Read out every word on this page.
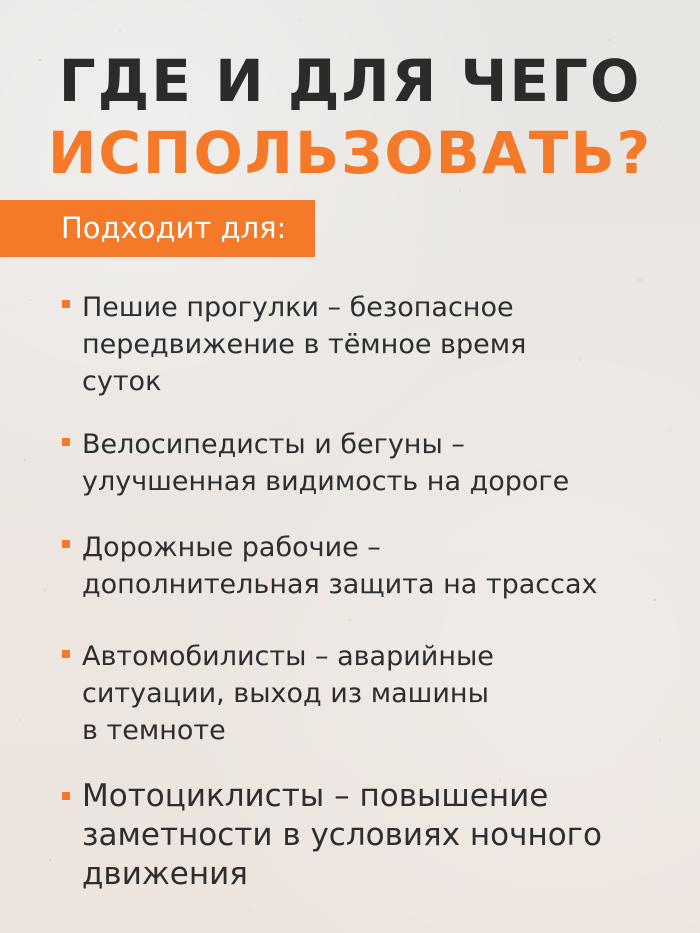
ГДЕ И ДЛЯ ЧЕГО
ИСПОЛЬЗОВАТЬ?
Подходит для:
Пешие прогулки – безопасное
передвижение в тёмное время
суток
Велосипедисты и бегуны –
улучшенная видимость на дороге
Дорожные рабочие –
дополнительная защита на трассах
Автомобилисты – аварийные
ситуации, выход из машины
в темноте
Мотоциклисты – повышение
заметности в условиях ночного
движения
